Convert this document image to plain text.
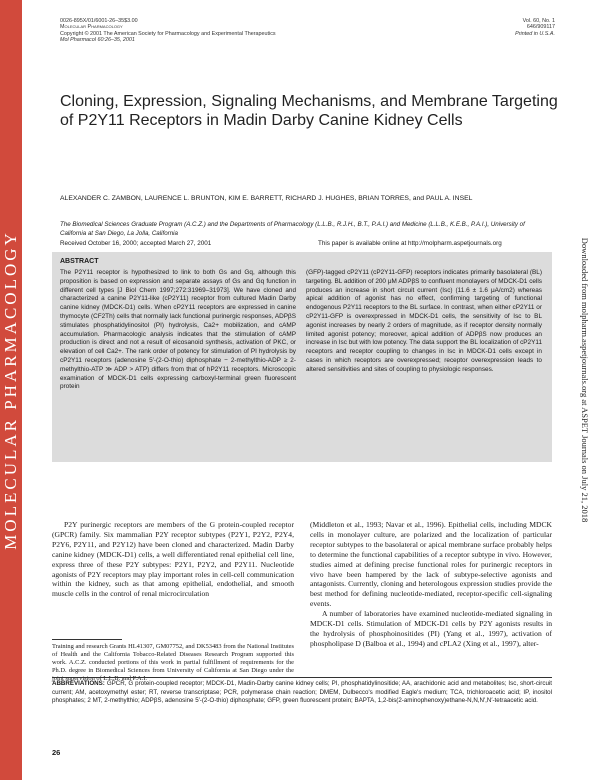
MOLECULAR PHARMACOLOGY	Downloaded from molpharm.aspetjournals.org at ASPET Journals on July 21, 2018
0026-895X/01/6001-26–35$3.00
Molecular Pharmacology
Copyright © 2001 The American Society for Pharmacology and Experimental Therapeutics
Mol Pharmacol 60:26–35, 2001
Vol. 60, No. 1
646/909117
Printed in U.S.A.
Cloning, Expression, Signaling Mechanisms, and Membrane Targeting of P2Y11 Receptors in Madin Darby Canine Kidney Cells
ALEXANDER C. ZAMBON, LAURENCE L. BRUNTON, KIM E. BARRETT, RICHARD J. HUGHES, BRIAN TORRES, and PAUL A. INSEL
The Biomedical Sciences Graduate Program (A.C.Z.) and the Departments of Pharmacology (L.L.B., R.J.H., B.T., P.A.I.) and Medicine (L.L.B., K.E.B., P.A.I.), University of California at San Diego, La Jolla, California
Received October 16, 2000; accepted March 27, 2001	This paper is available online at http://molpharm.aspetjournals.org
ABSTRACT
The P2Y11 receptor is hypothesized to link to both Gs and Gq, although this proposition is based on expression and separate assays of Gs and Gq function in different cell types [J Biol Chem 1997;272:31969–31973]. We have cloned and characterized a canine P2Y11-like (cP2Y11) receptor from cultured Madin Darby canine kidney (MDCK-D1) cells. When cP2Y11 receptors are expressed in canine thymocyte (CF2Th) cells that normally lack functional purinergic responses, ADPβS stimulates phosphatidylinositol (PI) hydrolysis, Ca2+ mobilization, and cAMP accumulation. Pharmacologic analysis indicates that the stimulation of cAMP production is direct and not a result of eicosanoid synthesis, activation of PKC, or elevation of cell Ca2+. The rank order of potency for stimulation of PI hydrolysis by cP2Y11 receptors (adenosine 5′-(2-O-thio) diphosphate − 2-methylthio-ADP ≥ 2-methylthio-ATP ≫ ADP > ATP) differs from that of hP2Y11 receptors. Microscopic examination of MDCK-D1 cells expressing carboxyl-terminal green fluorescent protein
(GFP)-tagged cP2Y11 (cP2Y11-GFP) receptors indicates primarily basolateral (BL) targeting. BL addition of 200 μM ADPβS to confluent monolayers of MDCK-D1 cells produces an increase in short circuit current (Isc) (11.6 ± 1.6 μA/cm2) whereas apical addition of agonist has no effect, confirming targeting of functional endogenous P2Y11 receptors to the BL surface. In contrast, when either cP2Y11 or cP2Y11-GFP is overexpressed in MDCK-D1 cells, the sensitivity of Isc to BL agonist increases by nearly 2 orders of magnitude, as if receptor density normally limited agonist potency; moreover, apical addition of ADPβS now produces an increase in Isc but with low potency. The data support the BL localization of cP2Y11 receptors and receptor coupling to changes in Isc in MDCK-D1 cells except in cases in which receptors are overexpressed; receptor overexpression leads to altered sensitivities and sites of coupling to physiologic responses.

P2Y purinergic receptors are members of the G protein-coupled receptor (GPCR) family. Six mammalian P2Y receptor subtypes (P2Y1, P2Y2, P2Y4, P2Y6, P2Y11, and P2Y12) have been cloned and characterized. Madin Darby canine kidney (MDCK-D1) cells, a well differentiated renal epithelial cell line, express three of these P2Y subtypes: P2Y1, P2Y2, and P2Y11. Nucleotide agonists of P2Y receptors may play important roles in cell-cell communication within the kidney, such as that among epithelial, endothelial, and smooth muscle cells in the control of renal microcirculation

(Middleton et al., 1993; Navar et al., 1996). Epithelial cells, including MDCK cells in monolayer culture, are polarized and the localization of particular receptor subtypes to the basolateral or apical membrane surface probably helps to determine the functional capabilities of a receptor subtype in vivo. However, studies aimed at defining precise functional roles for purinergic receptors in vivo have been hampered by the lack of subtype-selective agonists and antagonists. Currently, cloning and heterologous expression studies provide the best method for defining nucleotide-mediated, receptor-specific cell-signaling events.

A number of laboratories have examined nucleotide-mediated signaling in MDCK-D1 cells. Stimulation of MDCK-D1 cells by P2Y agonists results in the hydrolysis of phosphoinositides (PI) (Yang et al., 1997), activation of phospholipase D (Balboa et al., 1994) and cPLA2 (Xing et al., 1997), alter-

Training and research Grants HL41307, GM07752, and DK53483 from the National Institutes of Health and the California Tobacco-Related Diseases Research Program supported this work. A.C.Z. conducted portions of this work in partial fulfillment of requirements for the Ph.D. degree in Biomedical Sciences from University of California at San Diego under the joint supervision of L.L.B. and P.A.I.
ABBREVIATIONS: GPCR, G protein-coupled receptor; MDCK-D1, Madin-Darby canine kidney cells; PI, phosphatidylinositide; AA, arachidonic acid and metabolites; Isc, short-circuit current; AM, acetoxymethyl ester; RT, reverse transcriptase; PCR, polymerase chain reaction; DMEM, Dulbecco's modified Eagle's medium; TCA, trichloroacetic acid; IP, inositol phosphates; 2 MT, 2-methylthio; ADPβS, adenosine 5′-(2-O-thio) diphosphate; GFP, green fluorescent protein; BAPTA, 1,2-bis(2-aminophenoxy)ethane-N,N,N′,N′-tetraacetic acid.
26
